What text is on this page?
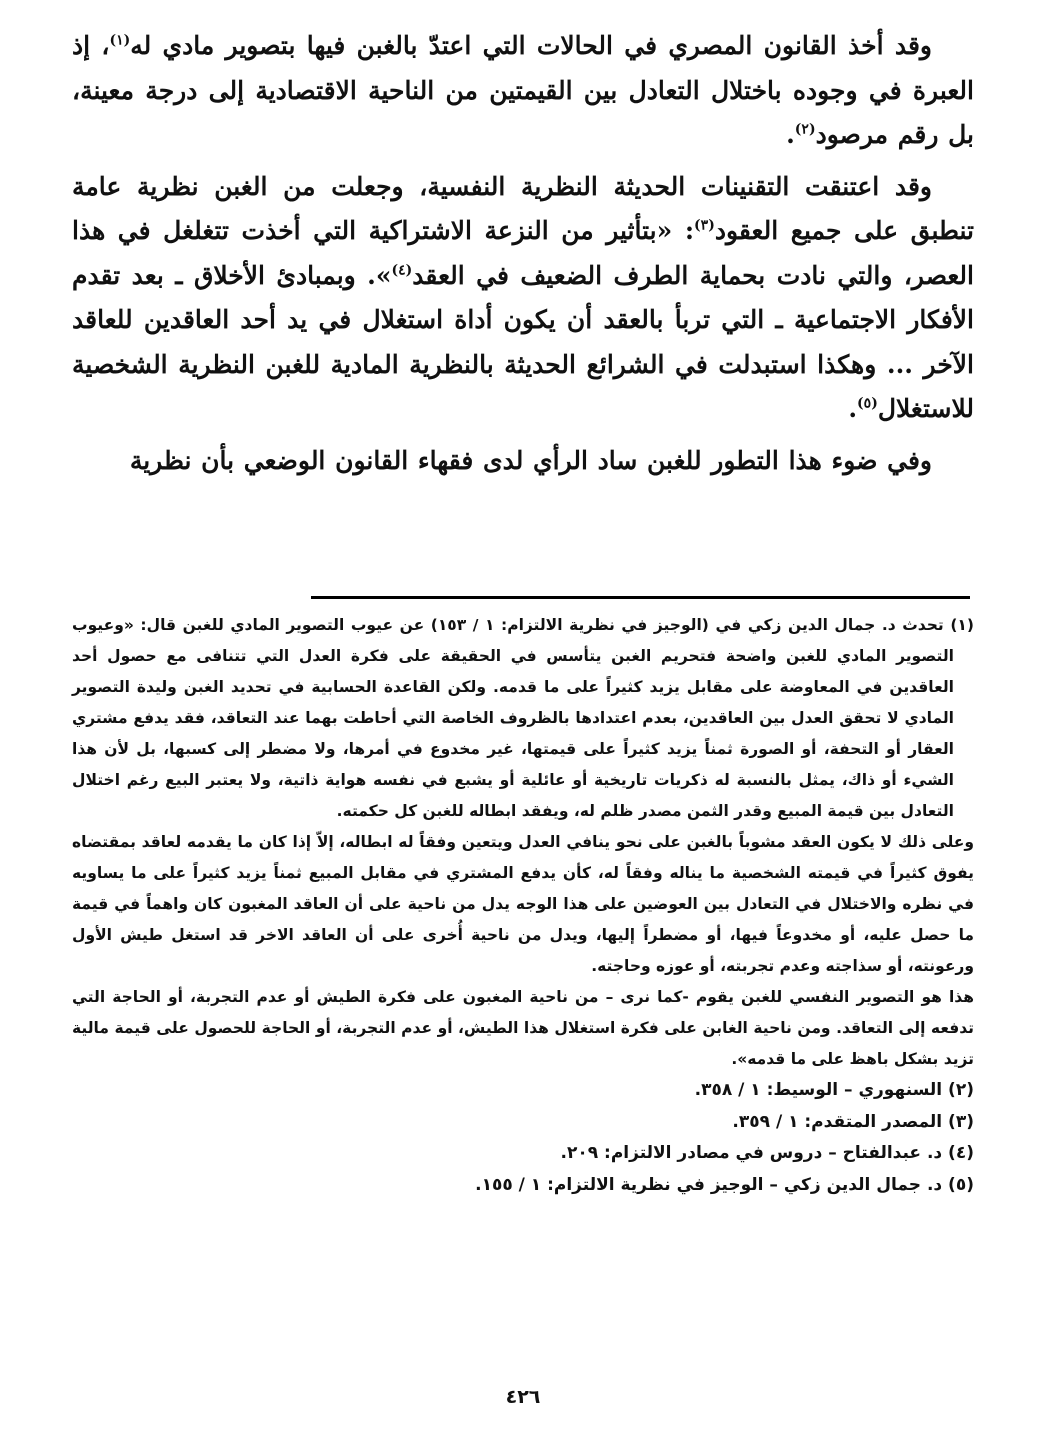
وقد أخذ القانون المصري في الحالات التي اعتدّ بالغبن فيها بتصوير مادي له$^{(١)}$، إذ العبرة في وجوده باختلال التعادل بين القيمتين من الناحية الاقتصادية إلى درجة معينة، بل رقم مرصود$^{(٢)}$.

وقد اعتنقت التقنينات الحديثة النظرية النفسية، وجعلت من الغبن نظرية عامة تنطبق على جميع العقود$^{(٣)}$: «بتأثير من النزعة الاشتراكية التي أخذت تتغلغل في هذا العصر، والتي نادت بحماية الطرف الضعيف في العقد$^{(٤)}$». وبمبادئ الأخلاق ـ بعد تقدم الأفكار الاجتماعية ـ التي تربأ بالعقد أن يكون أداة استغلال في يد أحد العاقدين للعاقد الآخر ... وهكذا استبدلت في الشرائع الحديثة بالنظرية المادية للغبن النظرية الشخصية للاستغلال$^{(٥)}$.

وفي ضوء هذا التطور للغبن ساد الرأي لدى فقهاء القانون الوضعي بأن نظرية

(١) تحدث د. جمال الدين زكي في (الوجيز في نظرية الالتزام: ١ / ١٥٣) عن عيوب التصوير المادي للغبن قال: «وعيوب التصوير المادي للغبن واضحة فتحريم الغبن يتأسس في الحقيقة على فكرة العدل التي تتنافى مع حصول أحد العاقدين في المعاوضة على مقابل يزيد كثيراً على ما قدمه. ولكن القاعدة الحسابية في تحديد الغبن وليدة التصوير المادي لا تحقق العدل بين العاقدين، بعدم اعتدادها بالظروف الخاصة التي أحاطت بهما عند التعاقد، فقد يدفع مشتري العقار أو التحفة، أو الصورة ثمناً يزيد كثيراً على قيمتها، غير مخدوع في أمرها، ولا مضطر إلى كسبها، بل لأن هذا الشيء أو ذاك، يمثل بالنسبة له ذكريات تاريخية أو عائلية أو يشبع في نفسه هواية ذاتية، ولا يعتبر البيع رغم اختلال التعادل بين قيمة المبيع وقدر الثمن مصدر ظلم له، ويفقد ابطاله للغبن كل حكمته.

وعلى ذلك لا يكون العقد مشوباً بالغبن على نحو ينافي العدل ويتعين وفقاً له ابطاله، إلاّ إذا كان ما يقدمه لعاقد بمقتضاه يفوق كثيراً في قيمته الشخصية ما يناله وفقاً له، كأن يدفع المشتري في مقابل المبيع ثمناً يزيد كثيراً على ما يساويه في نظره والاختلال في التعادل بين العوضين على هذا الوجه يدل من ناحية على أن العاقد المغبون كان واهماً في قيمة ما حصل عليه، أو مخدوعاً فيها، أو مضطراً إليها، ويدل من ناحية أُخرى على أن العاقد الاخر قد استغل طيش الأول ورعونته، أو سذاجته وعدم تجربته، أو عوزه وحاجته.

هذا هو التصوير النفسي للغبن يقوم -كما نرى – من ناحية المغبون على فكرة الطيش أو عدم التجربة، أو الحاجة التي تدفعه إلى التعاقد. ومن ناحية الغابن على فكرة استغلال هذا الطيش، أو عدم التجربة، أو الحاجة للحصول على قيمة مالية تزيد بشكل باهظ على ما قدمه».

(٢) السنهوري – الوسيط: ١ / ٣٥٨.

(٣) المصدر المتقدم: ١ / ٣٥٩.

(٤) د. عبدالفتاح – دروس في مصادر الالتزام: ٢٠٩.

(٥) د. جمال الدين زكي – الوجيز في نظرية الالتزام: ١ / ١٥٥.

٤٢٦
